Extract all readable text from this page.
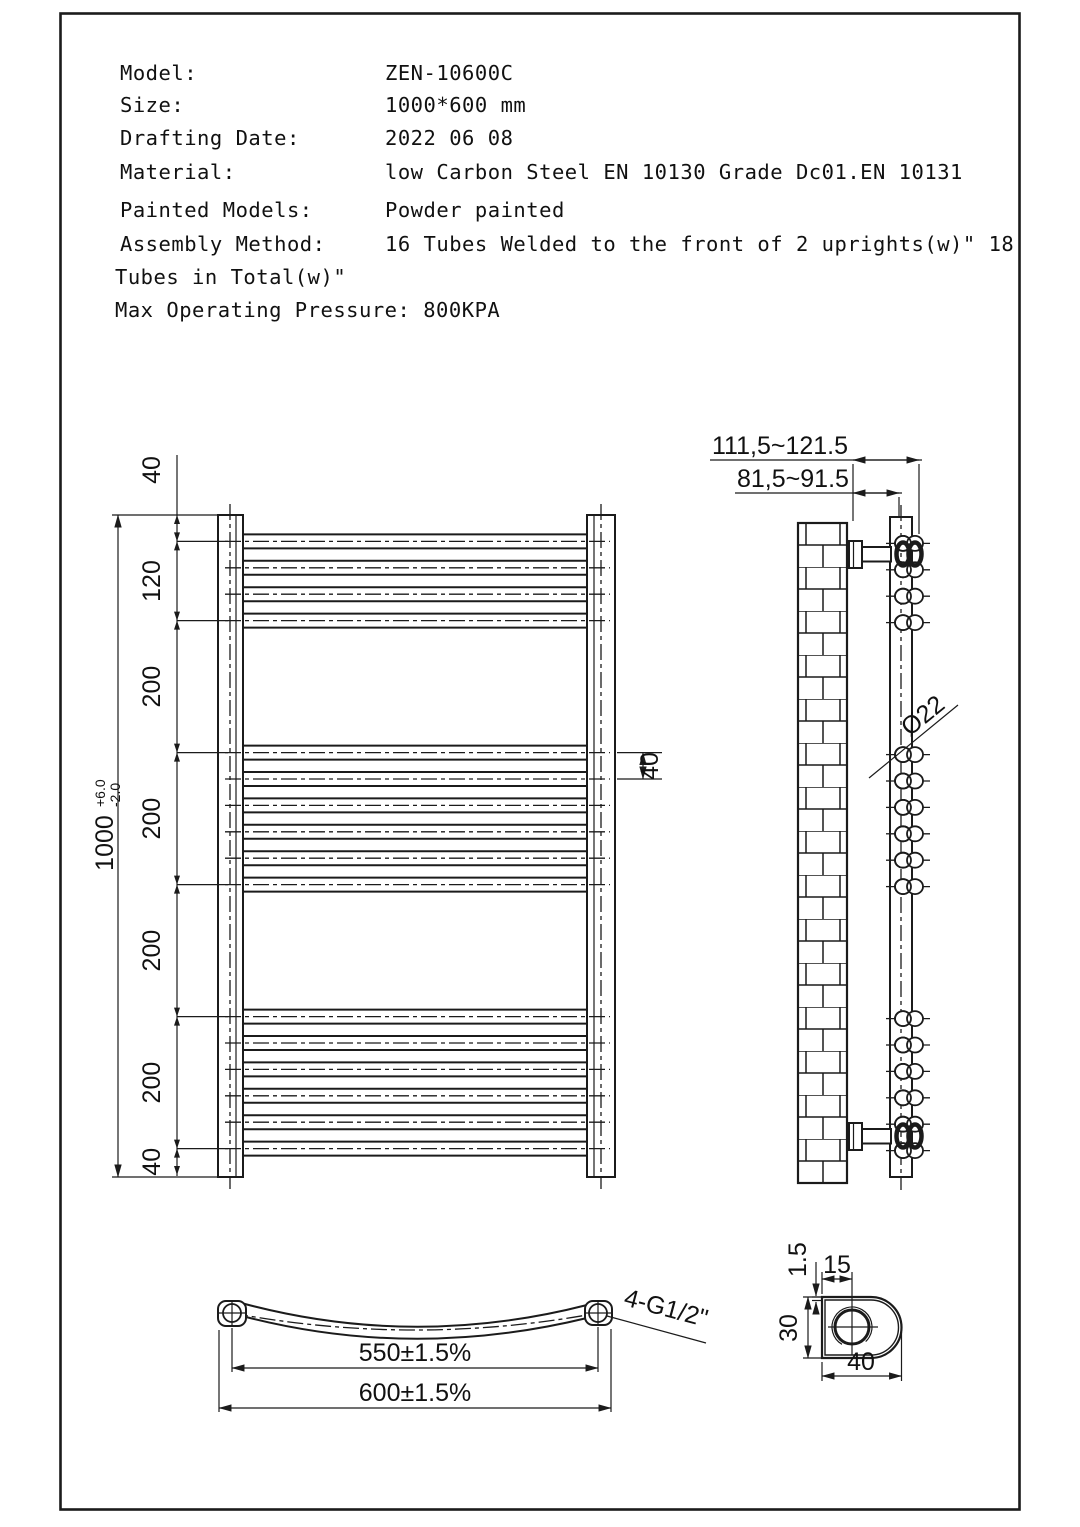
Model:	ZEN-10600C
Size:	1000*600 mm
Drafting Date:	2022 06 08
Material:	low Carbon Steel EN 10130 Grade Dc01.EN 10131
Painted Models:	Powder painted
Assembly Method:	16 Tubes Welded to the front of 2 uprights(w)" 18
Tubes in Total(w)"
Max Operating Pressure: 800KPA
40
120
200
200
200
200
40
1000
+6.0 -2.0
40
111,5~121.5
81,5~91.5
Ø22
550±1.5%
600±1.5%
4-G1/2"
15
1.5
30
40
